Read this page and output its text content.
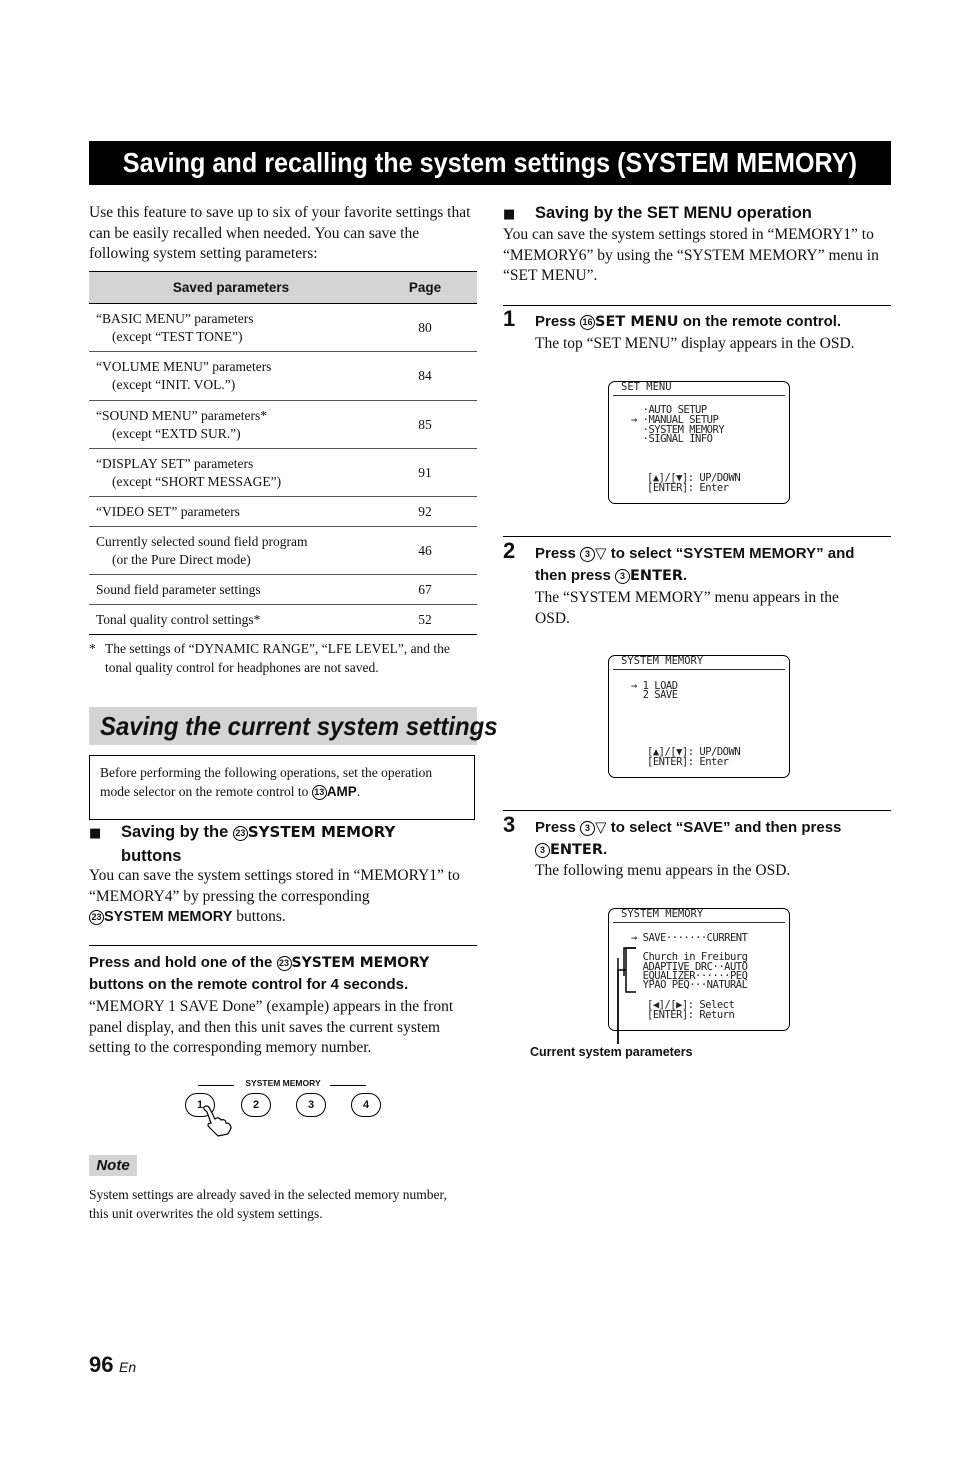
Saving and recalling the system settings (SYSTEM MEMORY)
Use this feature to save up to six of your favorite settings that can be easily recalled when needed. You can save the following system setting parameters:
Saved parameters	Page
“BASIC MENU” parameters
(except “TEST TONE”)	80
“VOLUME MENU” parameters
(except “INIT. VOL.”)	84
“SOUND MENU” parameters*
(except “EXTD SUR.”)	85
“DISPLAY SET” parameters
(except “SHORT MESSAGE”)	91
“VIDEO SET” parameters	92
Currently selected sound field program
(or the Pure Direct mode)	46
Sound field parameter settings	67
Tonal quality control settings*	52
* The settings of “DYNAMIC RANGE”, “LFE LEVEL”, and the tonal quality control for headphones are not saved.
Saving the current system settings
Before performing the following operations, set the operation mode selector on the remote control to 13 AMP.
■ Saving by the 23 SYSTEM MEMORY
buttons
You can save the system settings stored in “MEMORY1” to “MEMORY4” by pressing the corresponding
23 SYSTEM MEMORY buttons.
Press and hold one of the 23 SYSTEM MEMORY
buttons on the remote control for 4 seconds.
“MEMORY 1 SAVE Done” (example) appears in the front panel display, and then this unit saves the current system setting to the corresponding memory number.
SYSTEM MEMORY
1	2	3	4
Note
System settings are already saved in the selected memory number, this unit overwrites the old system settings.
96 En
■ Saving by the SET MENU operation
You can save the system settings stored in “MEMORY1” to “MEMORY6” by using the “SYSTEM MEMORY” menu in “SET MENU”.
1 Press 16 SET MENU on the remote control.
The top “SET MENU” display appears in the OSD.
SET MENU
·AUTO SETUP
→ ·MANUAL SETUP
·SYSTEM MEMORY
·SIGNAL INFO
[▲]/[▼]: UP/DOWN
[ENTER]: Enter
2 Press 3 ▽ to select “SYSTEM MEMORY” and
then press 3 ENTER.
The “SYSTEM MEMORY” menu appears in the OSD.
SYSTEM MEMORY
→ 1 LOAD
2 SAVE
[▲]/[▼]: UP/DOWN
[ENTER]: Enter
3 Press 3 ▽ to select “SAVE” and then press
3 ENTER.
The following menu appears in the OSD.
SYSTEM MEMORY
→ SAVE·······CURRENT
Church in Freiburg
ADAPTIVE DRC··AUTO
EQUALIZER······PEQ
YPAO PEQ···NATURAL
[◀]/[▶]: Select
[ENTER]: Return
Current system parameters
